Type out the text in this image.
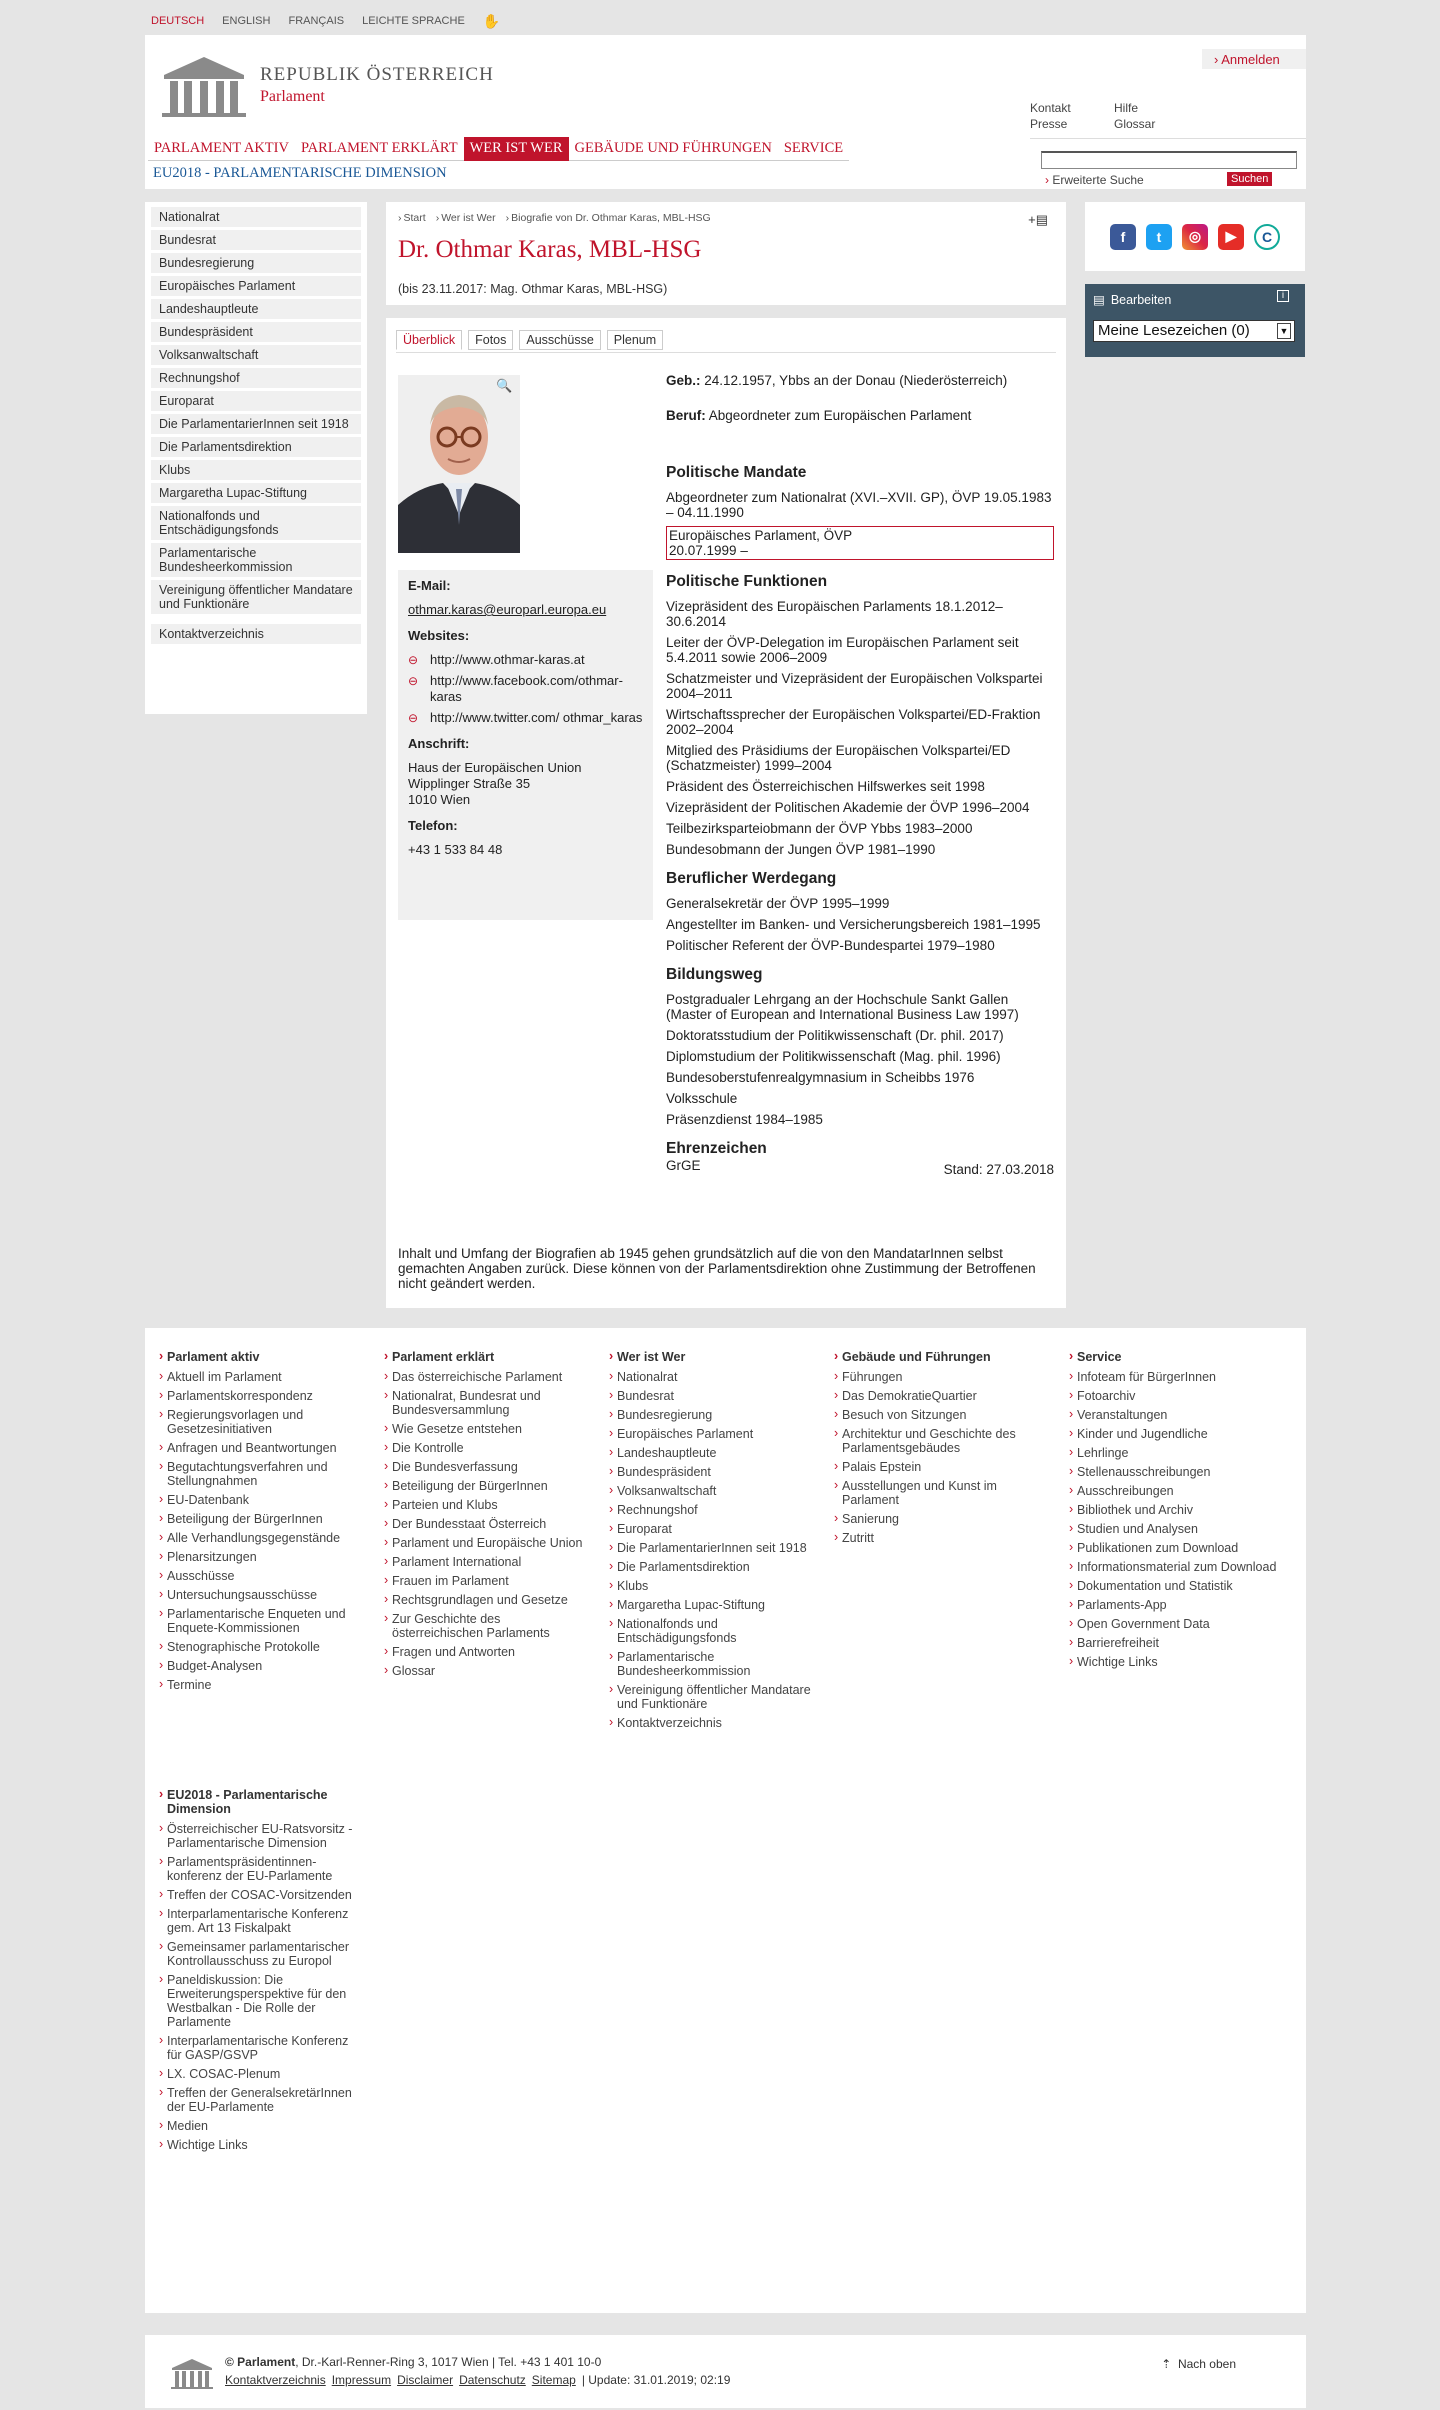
DEUTSCH ENGLISH FRANÇAIS LEICHTE SPRACHE ✋
REPUBLIK ÖSTERREICH
Parlament
› Anmelden
Kontakt	Hilfe
Presse	Glossar
› Erweiterte Suche	Suchen
PARLAMENT AKTIV PARLAMENT ERKLÄRT WER IST WER GEBÄUDE UND FÜHRUNGEN SERVICE
EU2018 - PARLAMENTARISCHE DIMENSION
Nationalrat
Bundesrat
Bundesregierung
Europäisches Parlament
Landeshauptleute
Bundespräsident
Volksanwaltschaft
Rechnungshof
Europarat
Die ParlamentarierInnen seit 1918
Die Parlamentsdirektion
Klubs
Margaretha Lupac-Stiftung
Nationalfonds und Entschädigungsfonds
Parlamentarische Bundesheerkommission
Vereinigung öffentlicher Mandatare und Funktionäre
Kontaktverzeichnis
› Start	› Wer ist Wer	› Biografie von Dr. Othmar Karas, MBL-HSG	+▤
Dr. Othmar Karas, MBL-HSG
(bis 23.11.2017: Mag. Othmar Karas, MBL-HSG)
Überblick	Fotos	Ausschüsse	Plenum
🔍
E-Mail:
othmar.karas@europarl.europa.eu
Websites:
⊖ http://www.othmar-karas.at
⊖ http://www.facebook.com/othmar-karas
⊖ http://www.twitter.com/ othmar_karas
Anschrift:
Haus der Europäischen Union
Wipplinger Straße 35
1010 Wien
Telefon:
+43 1 533 84 48
Geb.: 24.12.1957, Ybbs an der Donau (Niederösterreich)
Beruf: Abgeordneter zum Europäischen Parlament
Politische Mandate
Abgeordneter zum Nationalrat (XVI.–XVII. GP), ÖVP 19.05.1983 – 04.11.1990
Europäisches Parlament, ÖVP
20.07.1999 –
Politische Funktionen
Vizepräsident des Europäischen Parlaments 18.1.2012–30.6.2014
Leiter der ÖVP-Delegation im Europäischen Parlament seit 5.4.2011 sowie 2006–2009
Schatzmeister und Vizepräsident der Europäischen Volkspartei 2004–2011
Wirtschaftssprecher der Europäischen Volkspartei/ED-Fraktion 2002–2004
Mitglied des Präsidiums der Europäischen Volkspartei/ED (Schatzmeister) 1999–2004
Präsident des Österreichischen Hilfswerkes seit 1998
Vizepräsident der Politischen Akademie der ÖVP 1996–2004
Teilbezirksparteiobmann der ÖVP Ybbs 1983–2000
Bundesobmann der Jungen ÖVP 1981–1990
Beruflicher Werdegang
Generalsekretär der ÖVP 1995–1999
Angestellter im Banken- und Versicherungsbereich 1981–1995
Politischer Referent der ÖVP-Bundespartei 1979–1980
Bildungsweg
Postgradualer Lehrgang an der Hochschule Sankt Gallen (Master of European and International Business Law 1997)
Doktoratsstudium der Politikwissenschaft (Dr. phil. 2017)
Diplomstudium der Politikwissenschaft (Mag. phil. 1996)
Bundesoberstufenrealgymnasium in Scheibbs 1976
Volksschule
Präsenzdienst 1984–1985
Ehrenzeichen
GrGE	Stand: 27.03.2018
Inhalt und Umfang der Biografien ab 1945 gehen grundsätzlich auf die von den MandatarInnen selbst gemachten Angaben zurück. Diese können von der Parlamentsdirektion ohne Zustimmung der Betroffenen nicht geändert werden.
f	t	◎	▶	C
▤ Bearbeiten	i
Meine Lesezeichen (0)	▼
› Parlament aktiv
› Aktuell im Parlament
› Parlamentskorrespondenz
› Regierungsvorlagen und Gesetzesinitiativen
› Anfragen und Beantwortungen
› Begutachtungsverfahren und Stellungnahmen
› EU-Datenbank
› Beteiligung der BürgerInnen
› Alle Verhandlungsgegenstände
› Plenarsitzungen
› Ausschüsse
› Untersuchungsausschüsse
› Parlamentarische Enqueten und Enquete-Kommissionen
› Stenographische Protokolle
› Budget-Analysen
› Termine
› Parlament erklärt
› Das österreichische Parlament
› Nationalrat, Bundesrat und Bundesversammlung
› Wie Gesetze entstehen
› Die Kontrolle
› Die Bundesverfassung
› Beteiligung der BürgerInnen
› Parteien und Klubs
› Der Bundesstaat Österreich
› Parlament und Europäische Union
› Parlament International
› Frauen im Parlament
› Rechtsgrundlagen und Gesetze
› Zur Geschichte des österreichischen Parlaments
› Fragen und Antworten
› Glossar
› Wer ist Wer
› Nationalrat
› Bundesrat
› Bundesregierung
› Europäisches Parlament
› Landeshauptleute
› Bundespräsident
› Volksanwaltschaft
› Rechnungshof
› Europarat
› Die ParlamentarierInnen seit 1918
› Die Parlamentsdirektion
› Klubs
› Margaretha Lupac-Stiftung
› Nationalfonds und Entschädigungsfonds
› Parlamentarische Bundesheerkommission
› Vereinigung öffentlicher Mandatare und Funktionäre
› Kontaktverzeichnis
› Gebäude und Führungen
› Führungen
› Das DemokratieQuartier
› Besuch von Sitzungen
› Architektur und Geschichte des Parlamentsgebäudes
› Palais Epstein
› Ausstellungen und Kunst im Parlament
› Sanierung
› Zutritt
› Service
› Infoteam für BürgerInnen
› Fotoarchiv
› Veranstaltungen
› Kinder und Jugendliche
› Lehrlinge
› Stellenausschreibungen
› Ausschreibungen
› Bibliothek und Archiv
› Studien und Analysen
› Publikationen zum Download
› Informationsmaterial zum Download
› Dokumentation und Statistik
› Parlaments-App
› Open Government Data
› Barrierefreiheit
› Wichtige Links
› EU2018 - Parlamentarische Dimension
› Österreichischer EU-Ratsvorsitz - Parlamentarische Dimension
› Parlamentspräsidentinnen-konferenz der EU-Parlamente
› Treffen der COSAC-Vorsitzenden
› Interparlamentarische Konferenz gem. Art 13 Fiskalpakt
› Gemeinsamer parlamentarischer Kontrollausschuss zu Europol
› Paneldiskussion: Die Erweiterungsperspektive für den Westbalkan - Die Rolle der Parlamente
› Interparlamentarische Konferenz für GASP/GSVP
› LX. COSAC-Plenum
› Treffen der GeneralsekretärInnen der EU-Parlamente
› Medien
› Wichtige Links
© Parlament, Dr.-Karl-Renner-Ring 3, 1017 Wien | Tel. +43 1 401 10-0
Kontaktverzeichnis Impressum Disclaimer Datenschutz Sitemap | Update: 31.01.2019; 02:19
⇡ Nach oben
